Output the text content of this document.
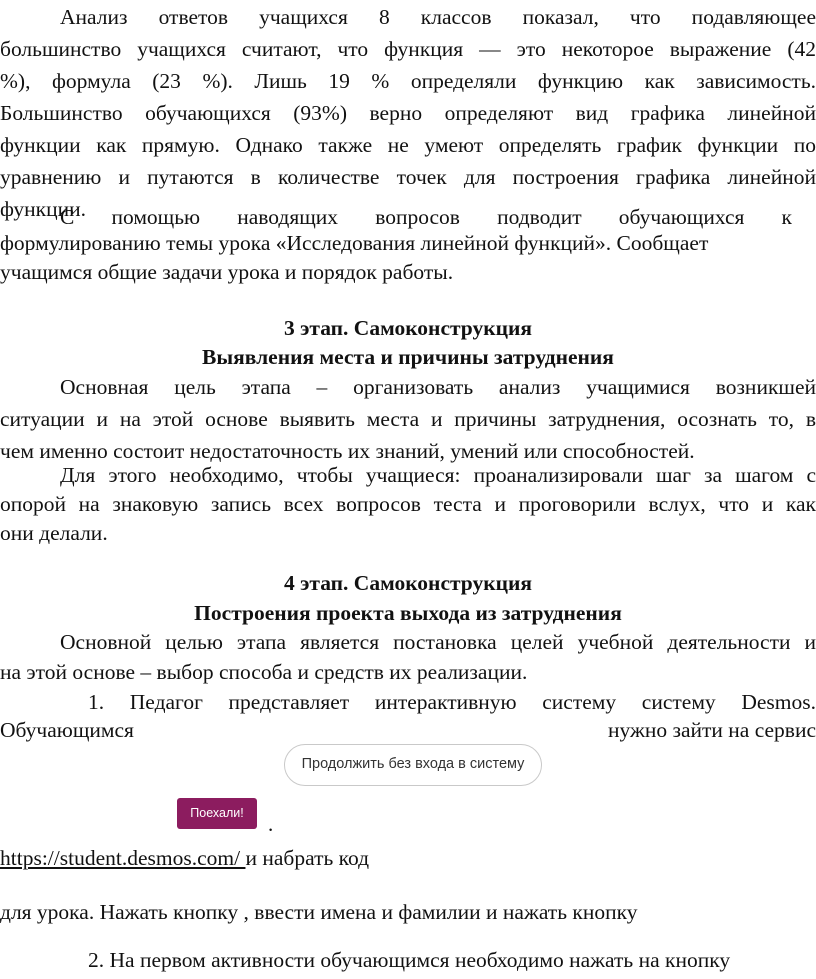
Анализ ответов учащихся 8 классов показал, что подавляющее
большинство учащихся считают, что функция — это некоторое выражение (42
%), формула (23 %). Лишь 19 % определяли функцию как зависимость.
Большинство обучающихся (93%) верно определяют вид графика линейной
функции как прямую. Однако также не умеют определять график функции по
уравнению и путаются в количестве точек для построения графика линейной
функции.
С помощью наводящих вопросов подводит обучающихся к
формулированию темы урока «Исследования линейной функций». Сообщает
учащимся общие задачи урока и порядок работы.
3 этап. Самоконструкция
Выявления места и причины затруднения
Основная цель этапа – организовать анализ учащимися возникшей
ситуации и на этой основе выявить места и причины затруднения, осознать то, в
чем именно состоит недостаточность их знаний, умений или способностей.
Для этого необходимо, чтобы учащиеся: проанализировали шаг за шагом с
опорой на знаковую запись всех вопросов теста и проговорили вслух, что и как
они делали.
4 этап. Самоконструкция
Построения проекта выхода из затруднения
Основной целью этапа является постановка целей учебной деятельности и
на этой основе – выбор способа и средств их реализации.
1. Педагог представляет интерактивную систему систему Desmos.
Обучающимся	нужно зайти на сервис
Продолжить без входа в систему
Поехали!	.
https://student.desmos.com/ и набрать код
для урока. Нажать кнопку , ввести имена и фамилии и нажать кнопку
2. На первом активности обучающимся необходимо нажать на кнопку
